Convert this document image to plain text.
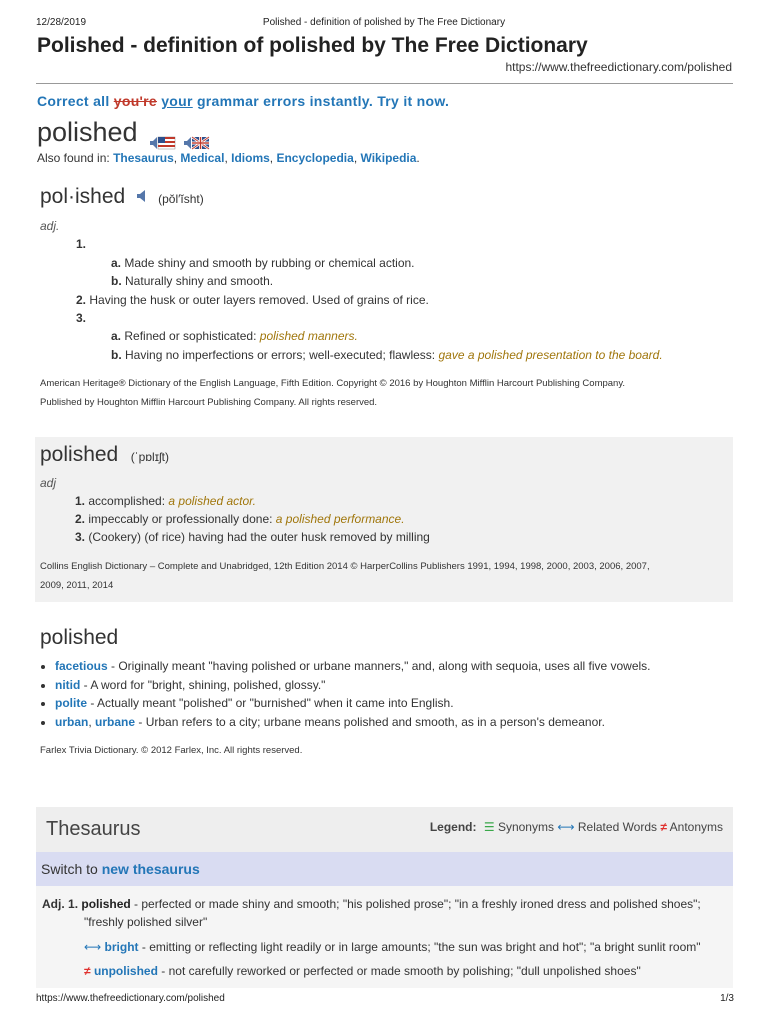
12/28/2019	Polished - definition of polished by The Free Dictionary
Polished - definition of polished by The Free Dictionary
https://www.thefreedictionary.com/polished
Correct all you're your grammar errors instantly. Try it now.
polished
Also found in: Thesaurus, Medical, Idioms, Encyclopedia, Wikipedia.
pol·ished	(pŏl′ĭsht)
adj.
1.
a. Made shiny and smooth by rubbing or chemical action.
b. Naturally shiny and smooth.
2. Having the husk or outer layers removed. Used of grains of rice.
3.
a. Refined or sophisticated: polished manners.
b. Having no imperfections or errors; well-executed; flawless: gave a polished presentation to the board.
American Heritage® Dictionary of the English Language, Fifth Edition. Copyright © 2016 by Houghton Mifflin Harcourt Publishing Company.
Published by Houghton Mifflin Harcourt Publishing Company. All rights reserved.
polished (ˈpɒlɪʃt)
adj
1. accomplished: a polished actor.
2. impeccably or professionally done: a polished performance.
3. (Cookery) (of rice) having had the outer husk removed by milling
Collins English Dictionary – Complete and Unabridged, 12th Edition 2014 © HarperCollins Publishers 1991, 1994, 1998, 2000, 2003, 2006, 2007,
2009, 2011, 2014
polished
• facetious - Originally meant "having polished or urbane manners," and, along with sequoia, uses all five vowels.
• nitid - A word for "bright, shining, polished, glossy."
• polite - Actually meant "polished" or "burnished" when it came into English.
• urban, urbane - Urban refers to a city; urbane means polished and smooth, as in a person's demeanor.
Farlex Trivia Dictionary. © 2012 Farlex, Inc. All rights reserved.
Thesaurus	Legend: ☰ Synonyms ⟷ Related Words ≠ Antonyms
Switch to new thesaurus
Adj. 1. polished - perfected or made shiny and smooth; "his polished prose"; "in a freshly ironed dress and polished shoes";
"freshly polished silver"
⟷ bright - emitting or reflecting light readily or in large amounts; "the sun was bright and hot"; "a bright sunlit room"
≠ unpolished - not carefully reworked or perfected or made smooth by polishing; "dull unpolished shoes"
https://www.thefreedictionary.com/polished	1/3
